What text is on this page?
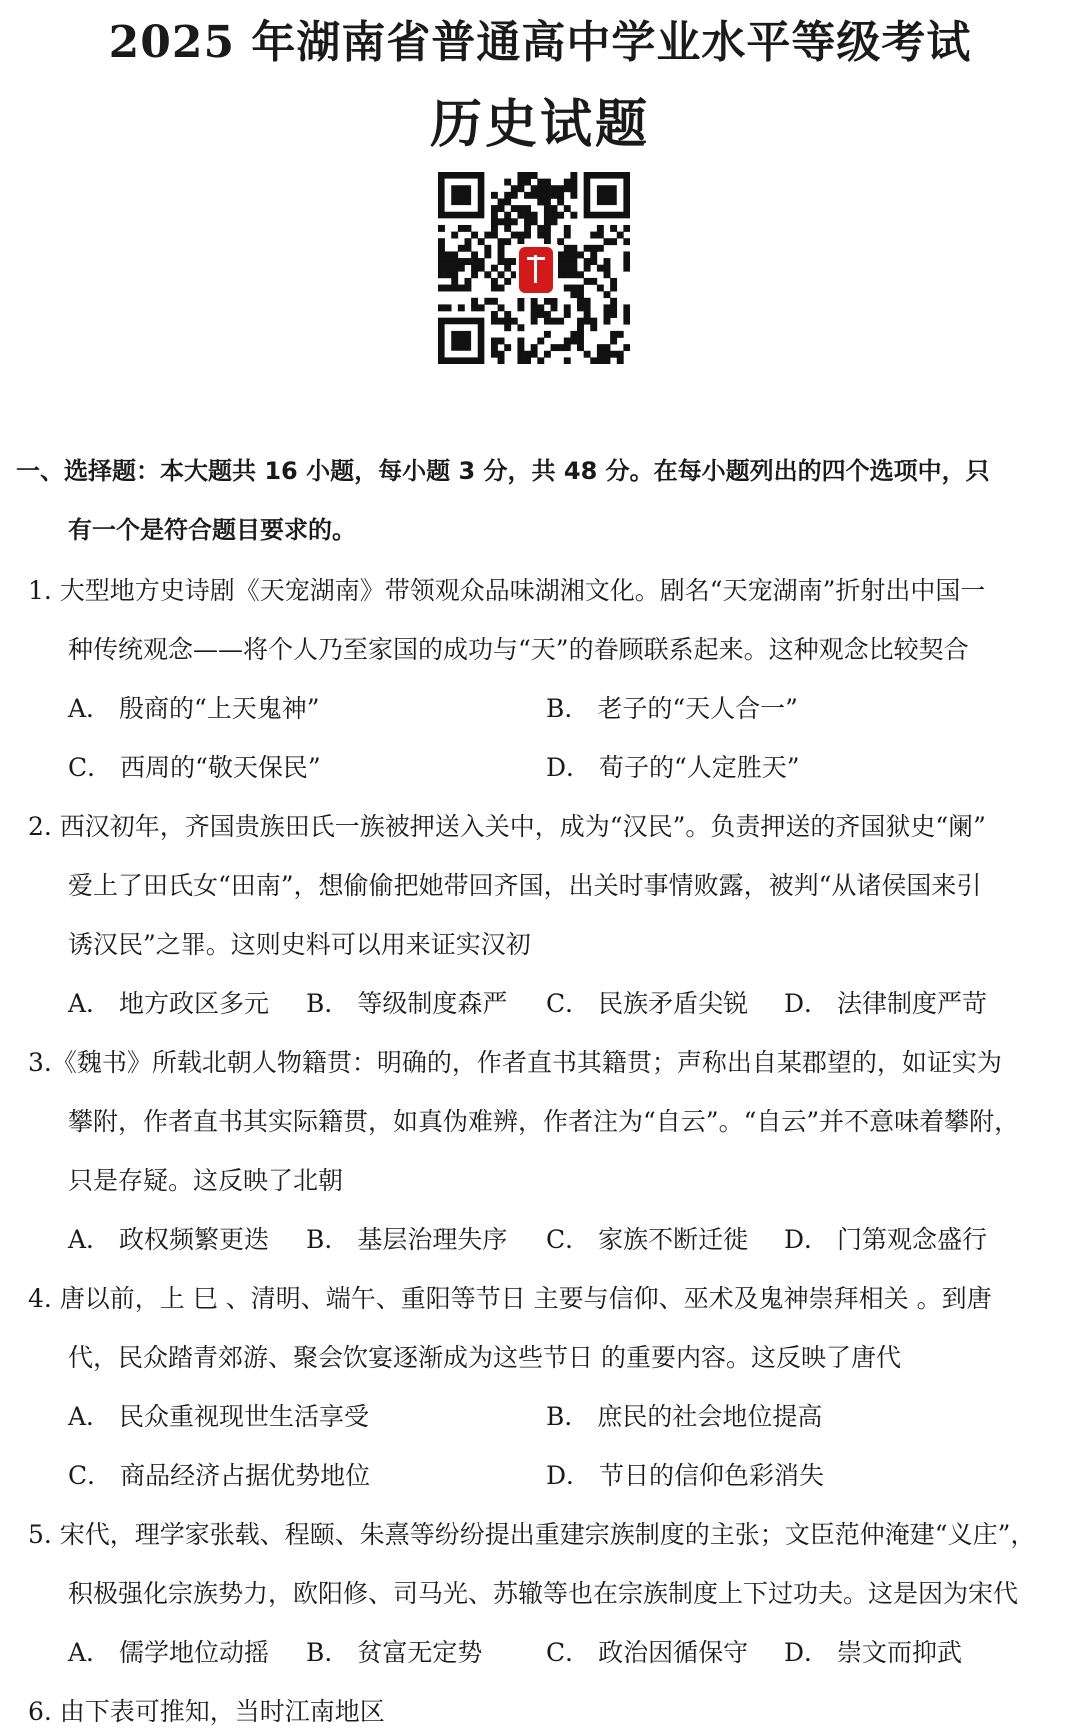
2025 年湖南省普通高中学业水平等级考试
历史试题
一、选择题：本大题共 16 小题，每小题 3 分，共 48 分。在每小题列出的四个选项中，只
有一个是符合题目要求的。
1. 大型地方史诗剧《天宠湖南》带领观众品味湖湘文化。剧名“天宠湖南”折射出中国一
种传统观念——将个人乃至家国的成功与“天”的眷顾联系起来。这种观念比较契合
A． 殷商的“上天鬼神”	B． 老子的“天人合一”
C． 西周的“敬天保民”	D． 荀子的“人定胜天”
2. 西汉初年，齐国贵族田氏一族被押送入关中，成为“汉民”。负责押送的齐国狱史“阑”
爱上了田氏女“田南”，想偷偷把她带回齐国，出关时事情败露，被判“从诸侯国来引
诱汉民”之罪。这则史料可以用来证实汉初
A． 地方政区多元 B． 等级制度森严 C． 民族矛盾尖锐 D． 法律制度严苛
3.《魏书》所载北朝人物籍贯：明确的，作者直书其籍贯；声称出自某郡望的，如证实为
攀附，作者直书其实际籍贯，如真伪难辨，作者注为“自云”。“自云”并不意味着攀附，
只是存疑。这反映了北朝
A． 政权频繁更迭 B． 基层治理失序 C． 家族不断迁徙 D． 门第观念盛行
4. 唐以前，上 巳 、清明、端午、重阳等节日 主要与信仰、巫术及鬼神崇拜相关 。到唐
代，民众踏青郊游、聚会饮宴逐渐成为这些节日 的重要内容。这反映了唐代
A． 民众重视现世生活享受	B． 庶民的社会地位提高
C． 商品经济占据优势地位	D． 节日的信仰色彩消失
5. 宋代，理学家张载、程颐、朱熹等纷纷提出重建宗族制度的主张；文臣范仲淹建“义庄”，
积极强化宗族势力，欧阳修、司马光、苏辙等也在宗族制度上下过功夫。这是因为宋代
A． 儒学地位动摇 B． 贫富无定势	C． 政治因循保守 D． 崇文而抑武
6. 由下表可推知，当时江南地区
